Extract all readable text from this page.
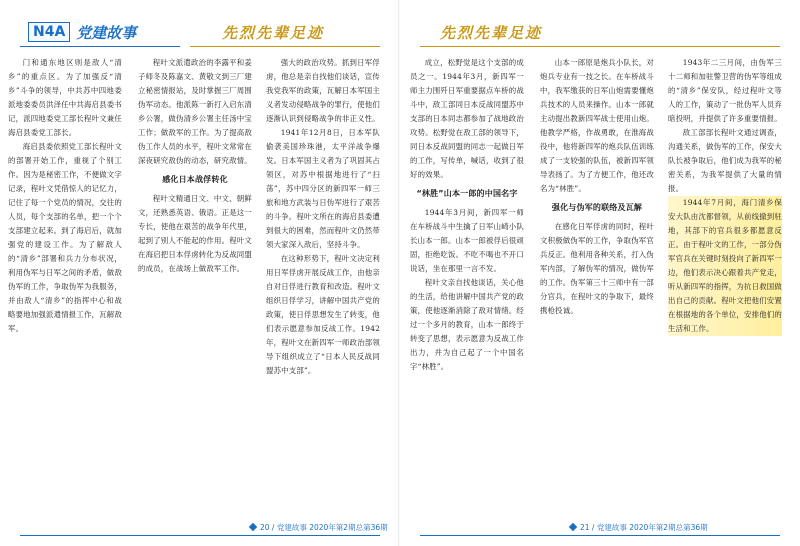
N4A 党建故事	先烈先辈足迹

门和通东地区则是敌人“清乡”的重点区。为了加强反“清乡”斗争的领导，中共苏中四地委派地委委员洪泽任中共海启县委书记，派四地委党工部长程叶文兼任海启县委党工部长。

海启县委依照党工部长程叶文的部署开始工作，重视了个别工作。因为是秘密工作，不便做文字记录，程叶文凭借惊人的记忆力，记住了每一个党员的情况，交往的人员，每个支部的名单，把一个个支部建立起来。到了海启后，就加强党的建设工作。为了解敌人的“清乡”部署和兵力分布状况，利用伪军与日军之间的矛盾，做敌伪军的工作，争取伪军为我服务，并由敌人“清乡”的指挥中心和战略要地加强派遣情报工作，瓦解敌军。

程叶文派遣政治的李露平和姜子师冬及陈嘉文、黄敬文到三厂建立秘密情报站，及时掌握三厂周围伪军动态。他派陈一新打入启东清乡公署，做伪清乡公署主任汤中宝工作；做敌军的工作。为了提高敌伪工作人员的水平，程叶文常常在深夜研究敌伪的动态，研究敌情。

感化日本战俘转化

程叶文精通日文、中文、朝鲜文，还熟悉英语、俄语。正是这一专长，使他在艰苦的战争年代里，起到了别人不能起的作用。程叶文在海启把日本俘虏转化为反战同盟的成员，在战场上做敌军工作。

强大的政治攻势。抓到日军俘虏，他总是亲自找他们谈话，宣传我党我军的政策，瓦解日本军国主义者发动侵略战争的罪行，使他们逐渐认识到侵略战争的非正义性。

1941年12月8日，日本军队偷袭美国珍珠港，太平洋战争爆发。日本军国主义者为了巩固其占领区，对苏中根据地进行了“扫荡”，苏中四分区的新四军一师三旅和地方武装与日伪军进行了艰苦的斗争。程叶文所在的海启县委遭到很大的困难，然而程叶文仍然带领大家深入敌后，坚持斗争。

在这种形势下，程叶文决定利用日军俘虏开展反战工作，由他亲自对日俘进行教育和改造。程叶文组织日俘学习，讲解中国共产党的政策，使日俘思想发生了转变，他们表示愿意参加反战工作。1942年，程叶文在新四军一师政治部领导下组织成立了“日本人民反战同盟苏中支部”。

20 / 党建故事 2020年第2期总第36期
先烈先辈足迹

成立，松野觉是这个支部的成员之一。1944年3月，新四军一师主力围歼日军重要据点车桥的战斗中，敌工部同日本反战同盟苏中支部的日本同志都参加了战地政治攻势。松野觉在敌工部的领导下，同日本反战同盟的同志一起做日军的工作，写传单，喊话，收到了很好的效果。

“林胜”山本一郎的中国名字

1944年3月间，新四军一师在车桥战斗中生擒了日军山崎小队长山本一郎。山本一郎被俘后很顽固，拒绝吃饭。不吃不喝也不开口说话，坐在那里一言不发。

程叶文亲自找他谈话，关心他的生活，给他讲解中国共产党的政策，使他逐渐消除了敌对情绪。经过一个多月的教育，山本一郎终于转变了思想，表示愿意为反战工作出力，并为自己起了一个中国名字“林胜”。

山本一郎原是炮兵小队长，对炮兵专业有一技之长。在车桥战斗中，我军缴获的日军山炮需要懂炮兵技术的人员来操作。山本一郎就主动提出教新四军战士使用山炮。他教学严格，作战勇敢，在淮海战役中，他将新四军的炮兵队伍训练成了一支较强的队伍，被新四军领导表扬了。为了方便工作，他还改名为“林胜”。

强化与伪军的联络及瓦解

在感化日军俘虏的同时，程叶文积极做伪军的工作，争取伪军官兵反正。他利用各种关系，打入伪军内部，了解伪军的情况，做伪军的工作。伪军第三十三师中有一部分官兵，在程叶文的争取下，最终携枪投诚。

1943年二三月间，由伪军三十二师和加驻警卫营的伪军等组成的“清乡”保安队，经过程叶文等人的工作，策动了一批伪军人员弃暗投明，并提供了许多重要情报。

敌工部部长程叶文通过调查，沟通关系，做伪军的工作，保安大队长被争取后，他们成为我军的秘密关系，为我军提供了大量的情报。

1944年7月间，海门清乡保安大队由沈都督领，从前线撤到驻地，其部下的官兵很多都愿意反正。由于程叶文的工作，一部分伪军官兵在关键时刻投向了新四军一边，他们表示决心跟着共产党走，听从新四军的指挥，为抗日救国做出自己的贡献。程叶文把他们安置在根据地的各个单位，安排他们的生活和工作。

21 / 党建故事 2020年第2期总第36期
